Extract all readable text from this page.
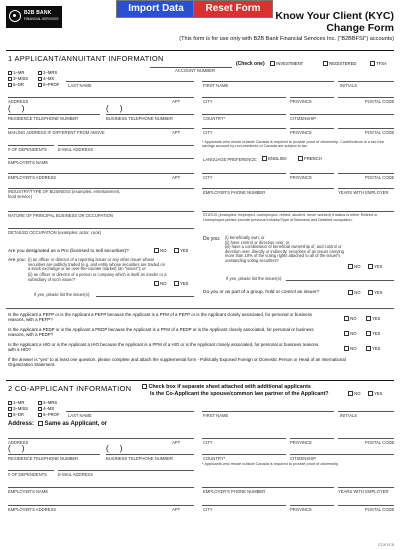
B2B BANK
FINANCIAL SERVICES
Import Data	Reset Form
Know Your Client (KYC)
Change Form
(This form is for use only with B2B Bank Financial Services Inc. ("B2BBFSI") accounts)
1 APPLICANT/ANNUITANT INFORMATION
(Check one)	INVESTMENT	REGISTERED	TFSA
ACCOUNT NUMBER
1–MR	2–MRS
3–MISS	4–MS
5–DR	6–PROF LAST NAME	FIRST NAME	INITIALS
ADDRESS	APT	CITY	PROVINCE	POSTAL CODE
(     )	(     )
RESIDENCE TELEPHONE NUMBER	BUSINESS TELEPHONE NUMBER	COUNTRY*	CITIZENSHIP
MAILING ADDRESS IF DIFFERENT FROM ABOVE	APT	CITY	PROVINCE	POSTAL CODE
# OF DEPENDENTS	E-MAIL ADDRESS
* Applicants who reside outside Canada is required to provide proof of citizenship. Contributions to a tax-free savings account by non-residents of Canada are subject to tax.
EMPLOYER'S NAME
LANGUAGE PREFERENCE:	ENGLISH	FRENCH
EMPLOYER'S ADDRESS	APT	CITY	PROVINCE	POSTAL CODE
INDUSTRY/TYPE OF BUSINESS (examples: entertainment, food service)
EMPLOYER'S PHONE NUMBER	YEARS WITH EMPLOYER
NATURE OF PRINCIPAL BUSINESS OR OCCUPATION	STATUS (examples: employed, unemployed, retired, student, never worked) If status is either Retired or Unemployed please provide previous industry/Type of Business and Detailed occupation.
DETAILED OCCUPATION (examples: actor, cook)
Do you: (i) beneficially own; or
(ii) have control or direction over; or
(iii) have a combination of beneficial ownership of, and control or direction over, directly or indirectly, securities of an issuer carrying more than 10% of the voting rights attached to all of the issuer's outstanding voting securities?
NO	YES
Are you designated as a Pro (licensed to sell securities)?	NO	YES
Are you: (i) an officer or director of a reporting issuer or any other issuer whose securities are publicly traded (e.g. and entity whose securities are traded on a stock exchange or an over-the-counter market) (an "issuer"); or
(ii) an officer or director of a person or company which is itself an insider or a subsidiary of such issuer?
NO	YES
If yes, please list the issuer(s):
Do you or as part of a group, hold or control an issuer?	NO	YES
If yes, please list the issuer(s):
Is the Applicant a PEFP or is the Applicant a PEFP because the Applicant is a PFM of a PEFP or is the Applicant closely associated, for personal or business reasons, with a PEFP?	NO	YES
Is the Applicant a PEDP or is the Applicant a PEDP because the Applicant is a PFM of a PEDP or is the Applicant closely associated, for personal or business reasons, with a PEDP?	NO	YES
Is the Applicant a HIO or is the Applicant a HIO because the Applicant is a PFM of a HIO or is the Applicant closely associated, for personal or business reasons, with a HIO?	NO	YES
If the answer is "yes" to at least one question, please complete and attach the supplemental form - Politically Exposed Foreign or Domestic Person or Head of an International Organization Statement.
2 CO-APPLICANT INFORMATION	Check box if separate sheet attached with additional applicants
Is the Co-Applicant the spouse/common law partner of the Applicant?	NO	YES
1–MR	2–MRS
3–MISS	4–MS
5–DR	6–PROF LAST NAME	FIRST NAME	INITIALS
Address:	Same as Applicant, or
ADDRESS	APT	CITY	PROVINCE	POSTAL CODE
(     )	(     )
RESIDENCE TELEPHONE NUMBER	BUSINESS TELEPHONE NUMBER	COUNTRY*	CITIZENSHIP
# OF DEPENDENTS	E-MAIL ADDRESS
* Applicants who reside outside Canada is required to provide proof of citizenship.
EMPLOYER'S NAME	EMPLOYER'S PHONE NUMBER	YEARS WITH EMPLOYER
EMPLOYER'S ADDRESS	APT	CITY	PROVINCE	POSTAL CODE
CCKYC5
